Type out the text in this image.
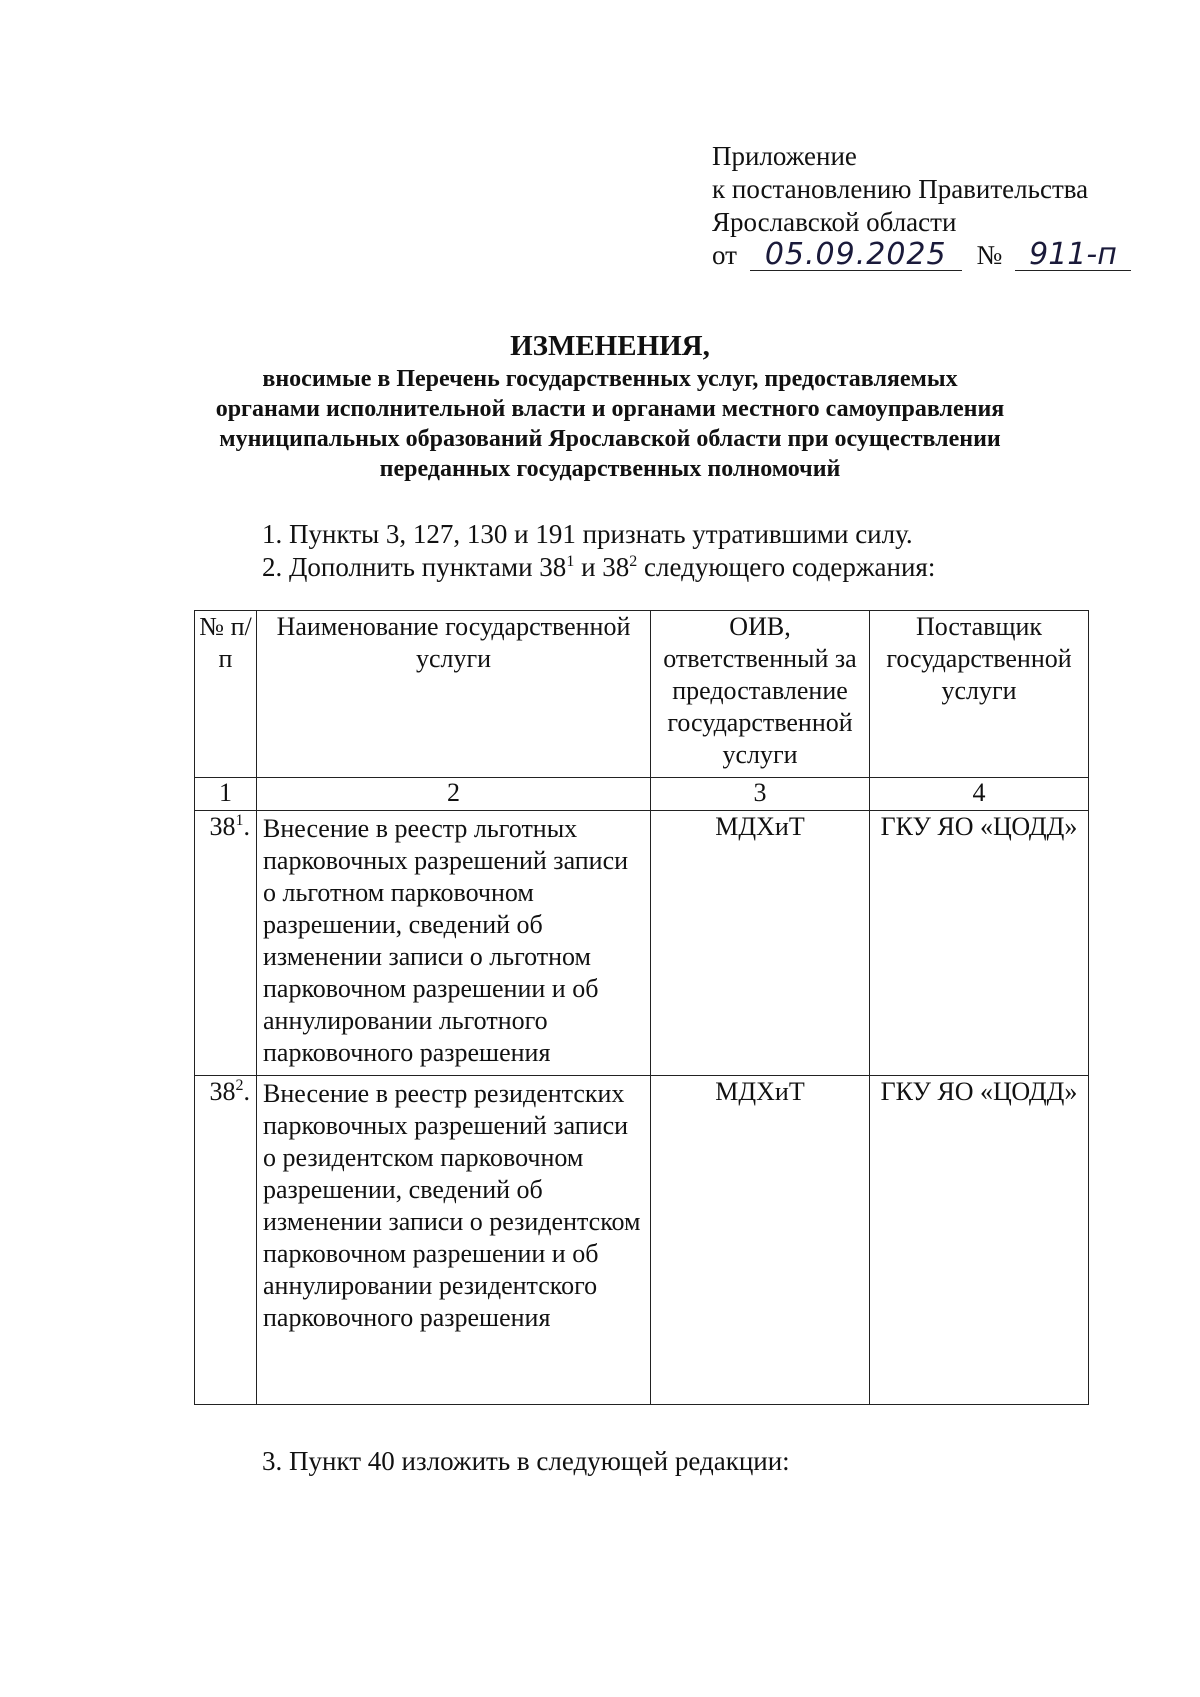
Приложение
к постановлению Правительства
Ярославской области
от 05.09.2025 № 911-п
ИЗМЕНЕНИЯ,
вносимые в Перечень государственных услуг, предоставляемых
органами исполнительной власти и органами местного самоуправления
муниципальных образований Ярославской области при осуществлении
переданных государственных полномочий
1. Пункты 3, 127, 130 и 191 признать утратившими силу.
2. Дополнить пунктами $38^1$ и $38^2$ следующего содержания:
№ п/п	Наименование государственной услуги	ОИВ, ответственный за предоставление государственной услуги	Поставщик государственной услуги
1	2	3	4
$38^1$.	Внесение в реестр льготных парковочных разрешений записи о льготном парковочном разрешении, сведений об изменении записи о льготном парковочном разрешении и об аннулировании льготного парковочного разрешения	МДХиТ	ГКУ ЯО «ЦОДД»
$38^2$.	Внесение в реестр резидентских парковочных разрешений записи о резидентском парковочном разрешении, сведений об изменении записи о резидентском парковочном разрешении и об аннулировании резидентского парковочного разрешения	МДХиТ	ГКУ ЯО «ЦОДД»
3. Пункт 40 изложить в следующей редакции:
